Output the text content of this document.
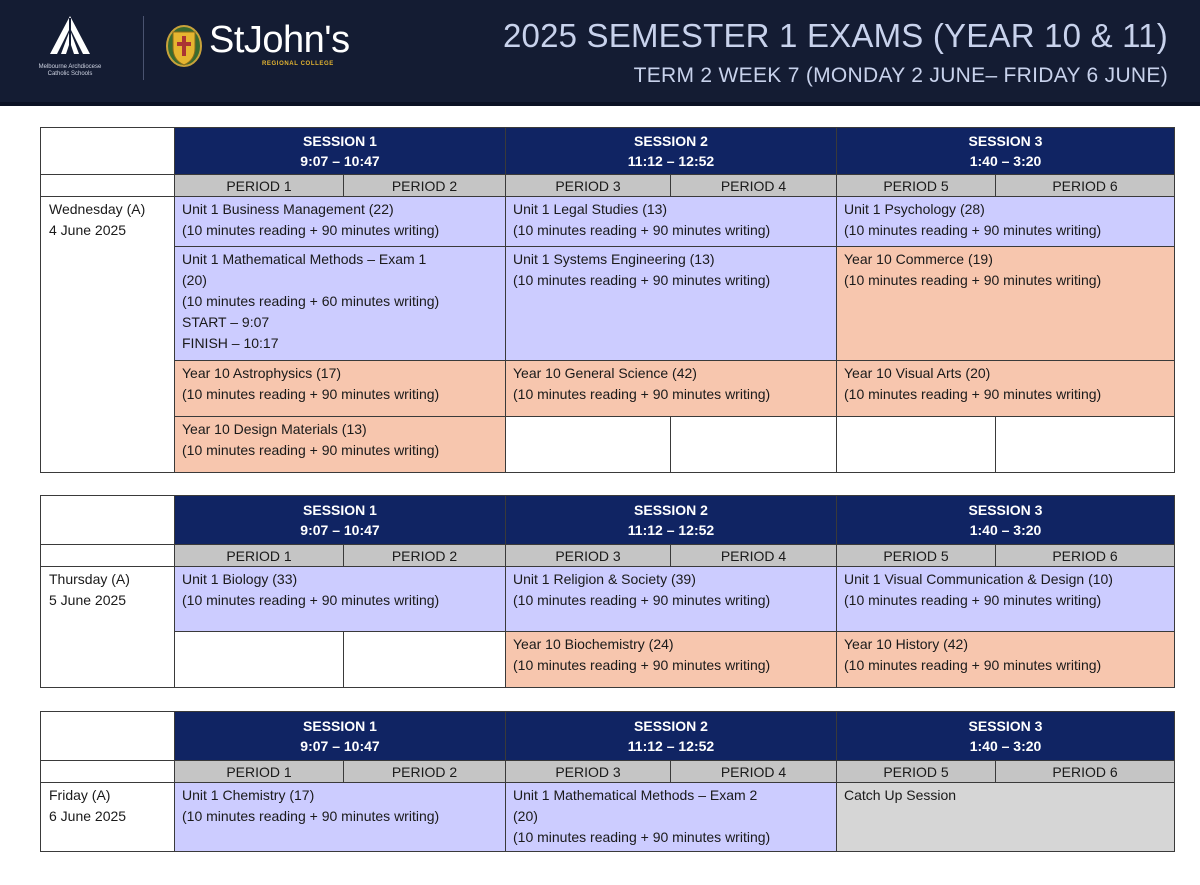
Melbourne Archdiocese
Catholic Schools
StJohn's
REGIONAL COLLEGE
2025 SEMESTER 1 EXAMS (YEAR 10 & 11)
TERM 2 WEEK 7 (MONDAY 2 JUNE– FRIDAY 6 JUNE)

	SESSION 1
9:07 – 10:47		SESSION 2
11:12 – 12:52		SESSION 3
1:40 – 3:20	

	PERIOD 1	PERIOD 2	PERIOD 3	PERIOD 4	PERIOD 5	PERIOD 6

Wednesday (A)
4 June 2025	Unit 1 Business Management (22)
(10 minutes reading + 90 minutes writing)		Unit 1 Legal Studies (13)
(10 minutes reading + 90 minutes writing)		Unit 1 Psychology (28)
(10 minutes reading + 90 minutes writing)	

	Unit 1 Mathematical Methods – Exam 1
(20)
(10 minutes reading + 60 minutes writing)
START – 9:07
FINISH – 10:17		Unit 1 Systems Engineering (13)
(10 minutes reading + 90 minutes writing)		Year 10 Commerce (19)
(10 minutes reading + 90 minutes writing)	

	Year 10 Astrophysics (17)
(10 minutes reading + 90 minutes writing)		Year 10 General Science (42)
(10 minutes reading + 90 minutes writing)		Year 10 Visual Arts (20)
(10 minutes reading + 90 minutes writing)	

	Year 10 Design Materials (13)
(10 minutes reading + 90 minutes writing)					

	SESSION 1
9:07 – 10:47		SESSION 2
11:12 – 12:52		SESSION 3
1:40 – 3:20	

	PERIOD 1	PERIOD 2	PERIOD 3	PERIOD 4	PERIOD 5	PERIOD 6

Thursday (A)
5 June 2025	Unit 1 Biology (33)
(10 minutes reading + 90 minutes writing)		Unit 1 Religion & Society (39)
(10 minutes reading + 90 minutes writing)		Unit 1 Visual Communication & Design (10)
(10 minutes reading + 90 minutes writing)	

			Year 10 Biochemistry (24)
(10 minutes reading + 90 minutes writing)		Year 10 History (42)
(10 minutes reading + 90 minutes writing)	

	SESSION 1
9:07 – 10:47		SESSION 2
11:12 – 12:52		SESSION 3
1:40 – 3:20	

	PERIOD 1	PERIOD 2	PERIOD 3	PERIOD 4	PERIOD 5	PERIOD 6

Friday (A)
6 June 2025	Unit 1 Chemistry (17)
(10 minutes reading + 90 minutes writing)		Unit 1 Mathematical Methods – Exam 2
(20)
(10 minutes reading + 90 minutes writing)		Catch Up Session	
